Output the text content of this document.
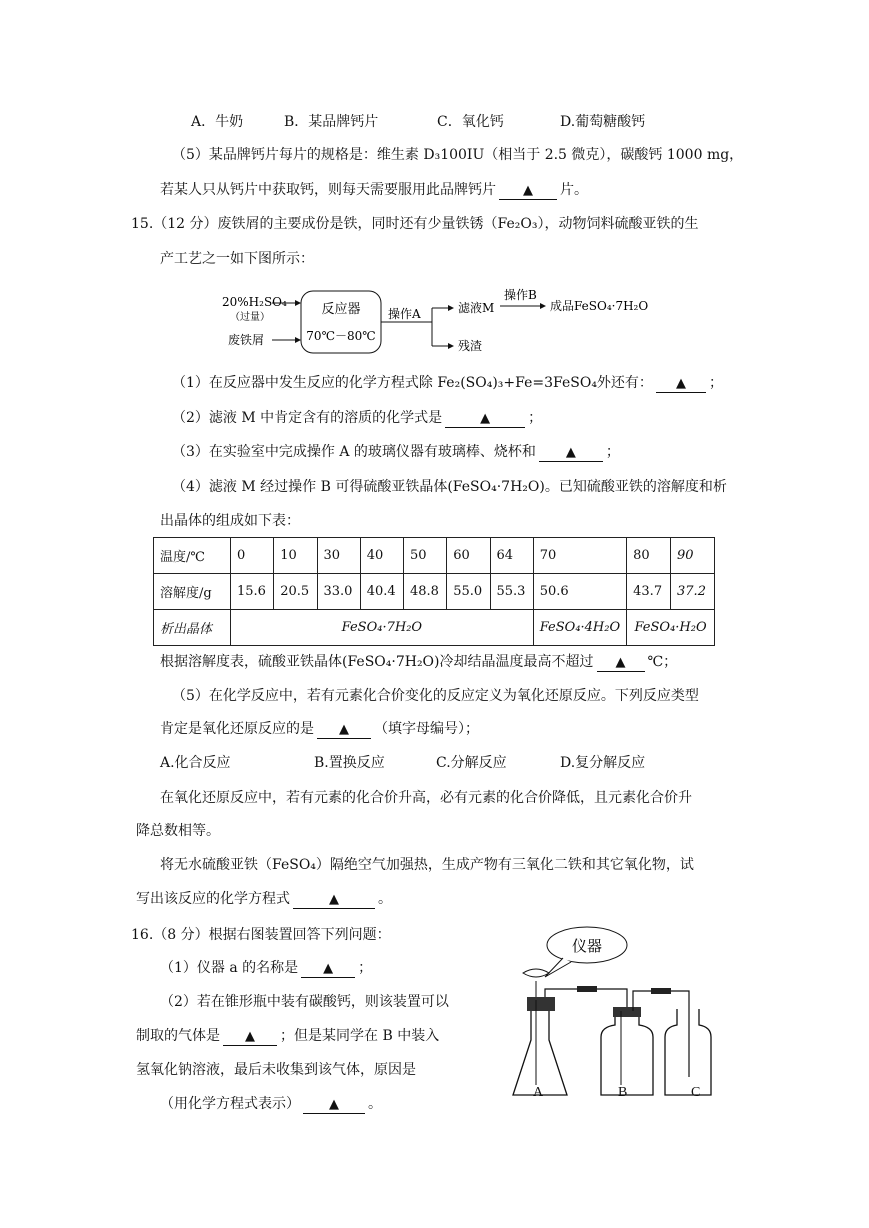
A．牛奶	B．某品牌钙片	C．氧化钙	D.葡萄糖酸钙
（5）某品牌钙片每片的规格是：维生素 D₃100IU（相当于 2.5 微克），碳酸钙 1000 mg，
若某人只从钙片中获取钙，则每天需要服用此品牌钙片 ▲	片。
15.（12 分）废铁屑的主要成份是铁，同时还有少量铁锈（Fe₂O₃），动物饲料硫酸亚铁的生
产工艺之一如下图所示：
20%H₂SO₄
（过量）
废铁屑
反应器
70℃－80℃
操作A	滤液M
残渣
操作B
成品FeSO₄·7H₂O
（1）在反应器中发生反应的化学方程式除 Fe₂(SO₄)₃+Fe=3FeSO₄外还有： ▲	；
（2）滤液 M 中肯定含有的溶质的化学式是 ▲	；
（3）在实验室中完成操作 A 的玻璃仪器有玻璃棒、烧杯和 ▲	；
（4）滤液 M 经过操作 B 可得硫酸亚铁晶体(FeSO₄·7H₂O)。已知硫酸亚铁的溶解度和析
出晶体的组成如下表：
温度/℃	0	10	30	40	50	60	64	70	80	90
溶解度/g	15.6	20.5	33.0	40.4	48.8	55.0	55.3	50.6	43.7	37.2
析出晶体	FeSO₄·7H₂O							FeSO₄·4H₂O	FeSO₄·H₂O	
根据溶解度表，硫酸亚铁晶体(FeSO₄·7H₂O)冷却结晶温度最高不超过 ▲	℃；
（5）在化学反应中，若有元素化合价变化的反应定义为氧化还原反应。下列反应类型
肯定是氧化还原反应的是 ▲	（填字母编号）；
A.化合反应	B.置换反应	C.分解反应	D.复分解反应
在氧化还原反应中，若有元素的化合价升高，必有元素的化合价降低，且元素化合价升
降总数相等。
将无水硫酸亚铁（FeSO₄）隔绝空气加强热，生成产物有三氧化二铁和其它氧化物，试
写出该反应的化学方程式 ▲	。
16.（8 分）根据右图装置回答下列问题：
（1）仪器 a 的名称是 ▲	；
（2）若在锥形瓶中装有碳酸钙，则该装置可以
制取的气体是 ▲	；但是某同学在 B 中装入
氢氧化钠溶液，最后未收集到该气体，原因是
（用化学方程式表示） ▲	。
仪器
A	B	C
